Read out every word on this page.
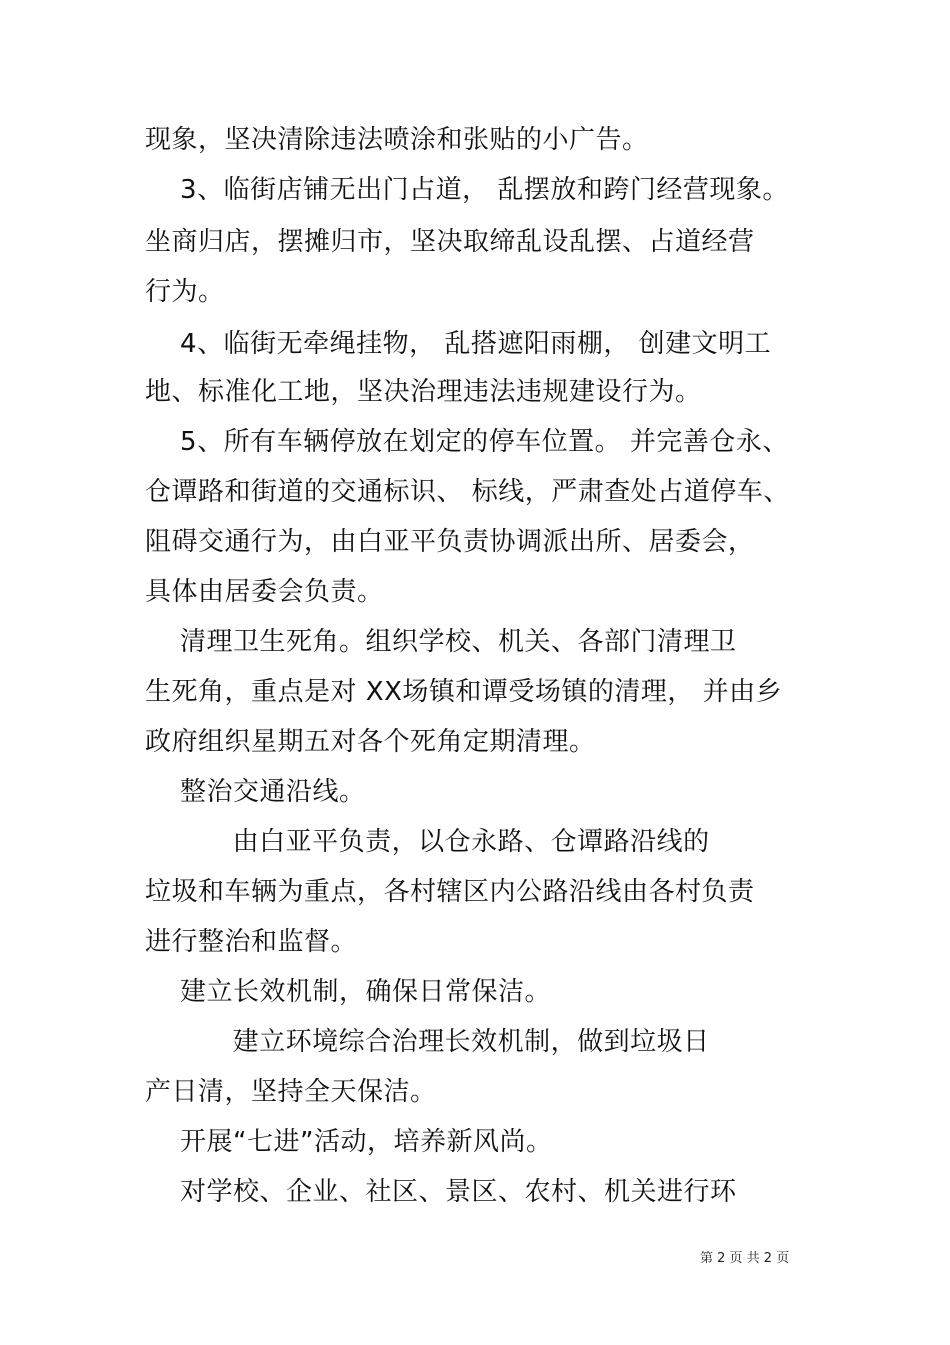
现象，坚决清除违法喷涂和张贴的小广告。
3、临街店铺无出门占道， 乱摆放和跨门经营现象。
坐商归店，摆摊归市，坚决取缔乱设乱摆、占道经营
行为。
4、临街无牵绳挂物， 乱搭遮阳雨棚， 创建文明工
地、标准化工地，坚决治理违法违规建设行为。
5、所有车辆停放在划定的停车位置。 并完善仓永、
仓谭路和街道的交通标识、 标线，严肃查处占道停车、
阻碍交通行为，由白亚平负责协调派出所、居委会，
具体由居委会负责。
清理卫生死角。组织学校、机关、各部门清理卫
生死角，重点是对 XX场镇和谭受场镇的清理， 并由乡
政府组织星期五对各个死角定期清理。
整治交通沿线。
由白亚平负责，以仓永路、仓谭路沿线的
垃圾和车辆为重点，各村辖区内公路沿线由各村负责
进行整治和监督。
建立长效机制，确保日常保洁。
建立环境综合治理长效机制，做到垃圾日
产日清，坚持全天保洁。
开展“七进”活动，培养新风尚。
对学校、企业、社区、景区、农村、机关进行环
第 2 页 共 2 页
